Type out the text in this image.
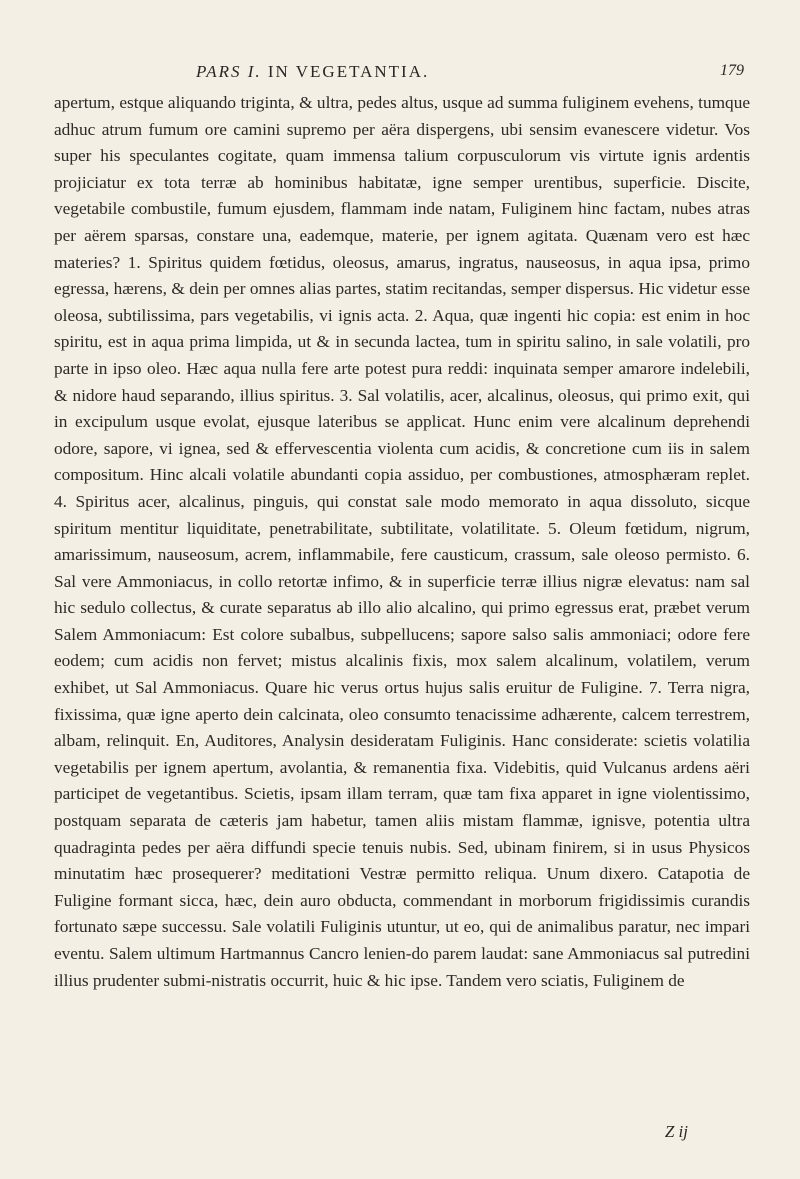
PARS I. IN VEGETANTIA.	179

apertum, estque aliquando triginta, & ultra, pedes altus, usque ad summa fuliginem evehens, tumque adhuc atrum fumum ore camini supremo per aëra dispergens, ubi sensim evanescere videtur. Vos super his speculantes cogitate, quam immensa talium corpusculorum vis virtute ignis ardentis projiciatur ex tota terræ ab hominibus habitatæ, igne semper urentibus, superficie. Discite, vegetabile combustile, fumum ejusdem, flammam inde natam, Fuliginem hinc factam, nubes atras per aërem sparsas, constare una, eademque, materie, per ignem agitata. Quænam vero est hæc materies? 1. Spiritus quidem fœtidus, oleosus, amarus, ingratus, nauseosus, in aqua ipsa, primo egressa, hærens, & dein per omnes alias partes, statim recitandas, semper dispersus. Hic videtur esse oleosa, subtilissima, pars vegetabilis, vi ignis acta. 2. Aqua, quæ ingenti hic copia: est enim in hoc spiritu, est in aqua prima limpida, ut & in secunda lactea, tum in spiritu salino, in sale volatili, pro parte in ipso oleo. Hæc aqua nulla fere arte potest pura reddi: inquinata semper amarore indelebili, & nidore haud separando, illius spiritus. 3. Sal volatilis, acer, alcalinus, oleosus, qui primo exit, qui in excipulum usque evolat, ejusque lateribus se applicat. Hunc enim vere alcalinum deprehendi odore, sapore, vi ignea, sed & effervescentia violenta cum acidis, & concretione cum iis in salem compositum. Hinc alcali volatile abundanti copia assiduo, per combustiones, atmosphæram replet. 4. Spiritus acer, alcalinus, pinguis, qui constat sale modo memorato in aqua dissoluto, sicque spiritum mentitur liquiditate, penetrabilitate, subtilitate, volatilitate. 5. Oleum fœtidum, nigrum, amarissimum, nauseosum, acrem, inflammabile, fere causticum, crassum, sale oleoso permisto. 6. Sal vere Ammoniacus, in collo retortæ infimo, & in superficie terræ illius nigræ elevatus: nam sal hic sedulo collectus, & curate separatus ab illo alio alcalino, qui primo egressus erat, præbet verum Salem Ammoniacum: Est colore subalbus, subpellucens; sapore salso salis ammoniaci; odore fere eodem; cum acidis non fervet; mistus alcalinis fixis, mox salem alcalinum, volatilem, verum exhibet, ut Sal Ammoniacus. Quare hic verus ortus hujus salis eruitur de Fuligine. 7. Terra nigra, fixissima, quæ igne aperto dein calcinata, oleo consumto tenacissime adhærente, calcem terrestrem, albam, relinquit. En, Auditores, Analysin desideratam Fuliginis. Hanc considerate: scietis volatilia vegetabilis per ignem apertum, avolantia, & remanentia fixa. Videbitis, quid Vulcanus ardens aëri participet de vegetantibus. Scietis, ipsam illam terram, quæ tam fixa apparet in igne violentissimo, postquam separata de cæteris jam habetur, tamen aliis mistam flammæ, ignisve, potentia ultra quadraginta pedes per aëra diffundi specie tenuis nubis. Sed, ubinam finirem, si in usus Physicos minutatim hæc prosequerer? meditationi Vestræ permitto reliqua. Unum dixero. Catapotia de Fuligine formant sicca, hæc, dein auro obducta, commendant in morborum frigidissimis curandis fortunato sæpe successu. Sale volatili Fuliginis utuntur, ut eo, qui de animalibus paratur, nec impari eventu. Salem ultimum Hartmannus Cancro lenien-do parem laudat: sane Ammoniacus sal putredini illius prudenter submi-nistratis occurrit, huic & hic ipse. Tandem vero sciatis, Fuliginem de

Z ij
